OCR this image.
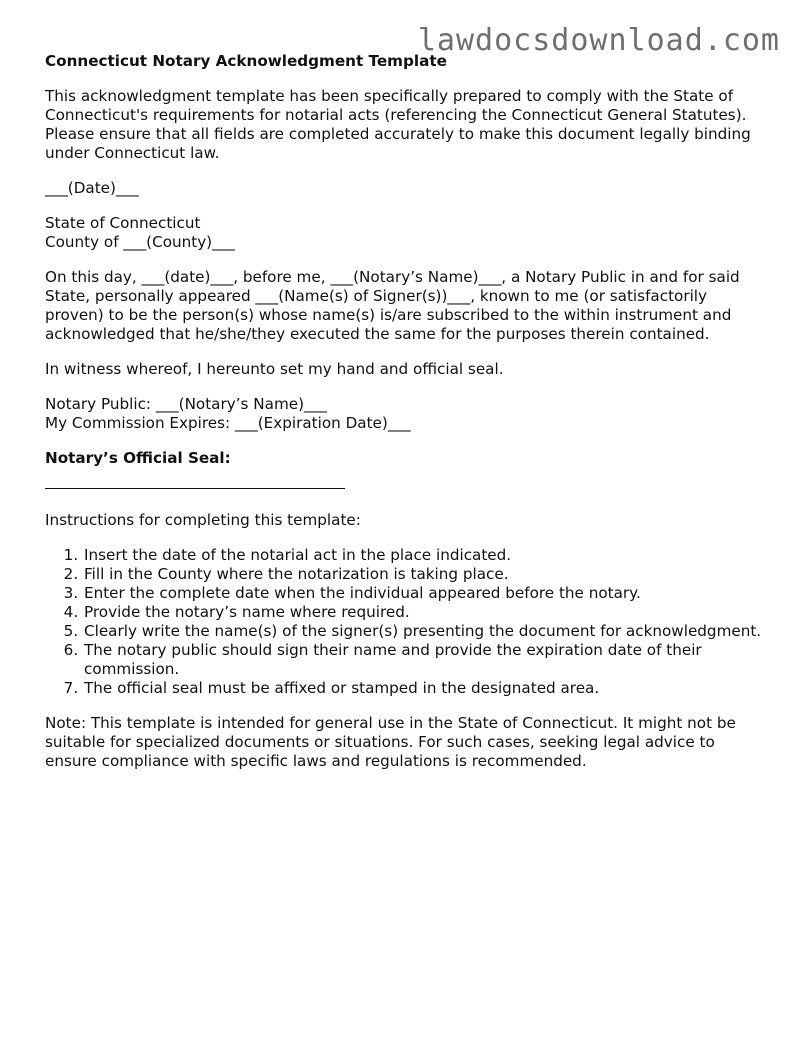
lawdocsdownload.com
Connecticut Notary Acknowledgment Template

This acknowledgment template has been specifically prepared to comply with the State of Connecticut's requirements for notarial acts (referencing the Connecticut General Statutes). Please ensure that all fields are completed accurately to make this document legally binding under Connecticut law.

___(Date)___

State of Connecticut
County of ___(County)___

On this day, ___(date)___, before me, ___(Notary’s Name)___, a Notary Public in and for said State, personally appeared ___(Name(s) of Signer(s))___, known to me (or satisfactorily proven) to be the person(s) whose name(s) is/are subscribed to the within instrument and acknowledged that he/she/they executed the same for the purposes therein contained.

In witness whereof, I hereunto set my hand and official seal.

Notary Public: ___(Notary’s Name)___
My Commission Expires: ___(Expiration Date)___
Notary’s Official Seal:

Instructions for completing this template:

1. Insert the date of the notarial act in the place indicated.
2. Fill in the County where the notarization is taking place.
3. Enter the complete date when the individual appeared before the notary.
4. Provide the notary’s name where required.
5. Clearly write the name(s) of the signer(s) presenting the document for acknowledgment.
6. The notary public should sign their name and provide the expiration date of their commission.
7. The official seal must be affixed or stamped in the designated area.

Note: This template is intended for general use in the State of Connecticut. It might not be suitable for specialized documents or situations. For such cases, seeking legal advice to ensure compliance with specific laws and regulations is recommended.
